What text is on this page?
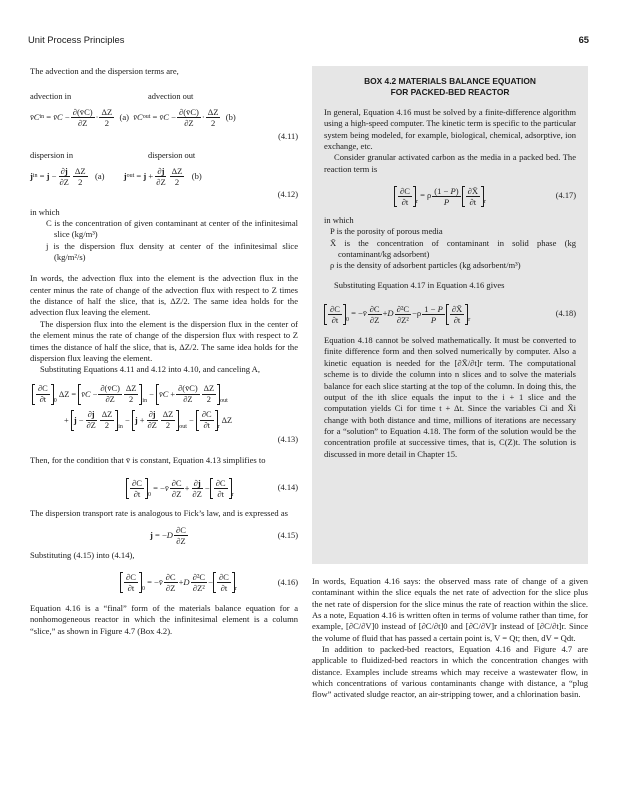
Unit Process Principles	65

The advection and the dispersion terms are,

advection in	advection out
v̄C in = v̄C − ∂(v̄C)
∂Z
· ΔZ
2
(a) v̄C out = v̄C − ∂(v̄C)
∂Z
· ΔZ
2
(b)
(4.11)
dispersion in	dispersion out
j in = j − ∂j
∂Z
ΔZ
2
(a) j out = j + ∂j
∂Z
ΔZ
2
(b)
(4.12)

in which

C is the concentration of given contaminant at center of the infinitesimal slice (kg/m³)

j is the dispersion flux density at center of the infinitesimal slice (kg/m²/s)

In words, the advection flux into the element is the advection flux in the center minus the rate of change of the advection flux with respect to Z times the distance of half the slice, that is, ΔZ/2. The same idea holds for the advection flux leaving the element.

The dispersion flux into the element is the dispersion flux in the center of the element minus the rate of change of the dispersion flux with respect to Z times the distance of half the slice, that is, ΔZ/2. The same idea holds for the dispersion flux leaving the element.

Substituting Equations 4.11 and 4.12 into 4.10, and canceling A,

∂C
∂t	$_0$
ΔZ = v̄C −
∂(v̄C)
∂Z
ΔZ
2	$_{in}$
− v̄C +
∂(v̄C)
∂Z
ΔZ
2	$_{out}$
+ j −
∂j
∂Z
ΔZ
2	$_{in}$
− j +
∂j
∂Z
ΔZ
2	$_{out}$
−
∂C
∂t	$_r$
ΔZ
(4.13)

Then, for the condition that v̄ is constant, Equation 4.13 simplifies to

∂C
∂t	$_0$
= − v̄ ∂C
∂Z
+ ∂j
∂Z
− ∂C
∂t	$_r$
(4.14)

The dispersion transport rate is analogous to Fick’s law, and is expressed as

j = − D ∂C
∂Z
(4.15)

Substituting (4.15) into (4.14),

∂C
∂t	$_0$
= − v̄ ∂C
∂Z
+ D ∂²C
∂Z²
− ∂C
∂t	$_r$
(4.16)

Equation 4.16 is a “final” form of the materials balance equation for a nonhomogeneous reactor in which the infinitesimal element is a column “slice,” as shown in Figure 4.7 (Box 4.2).

BOX 4.2 MATERIALS BALANCE EQUATION
FOR PACKED-BED REACTOR

In general, Equation 4.16 must be solved by a finite-difference algorithm using a high-speed computer. The kinetic term is specific to the particular system being modeled, for example, biological, chemical, adsorptive, ion exchange, etc.

Consider granular activated carbon as the media in a packed bed. The reaction term is

∂C
∂t	$_r$
= ρ (1 − P)
P
∂X̄
∂t	$_r$
(4.17)

in which

P is the porosity of porous media

X̄ is the concentration of contaminant in solid phase (kg contaminant/kg adsorbent)

ρ is the density of adsorbent particles (kg adsorbent/m³)

Substituting Equation 4.17 in Equation 4.16 gives

∂C
∂t	$_0$
= − v̄ ∂C
∂Z
+ D ∂²C
∂Z²
−ρ 1 − P
P
∂X̄
∂t	$_r$
(4.18)

Equation 4.18 cannot be solved mathematically. It must be converted to finite difference form and then solved numerically by computer. Also a kinetic equation is needed for the [∂X̄/∂t]r term. The computational scheme is to divide the column into n slices and to solve the materials balance for each slice starting at the top of the column. In doing this, the output of the ith slice equals the input to the i + 1 slice and the computation yields Ci for time t + Δt. Since the variables Ci and X̄i change with both distance and time, millions of iterations are necessary for a “solution” to Equation 4.18. The form of the solution would be the concentration profile at successive times, that is, C(Z)t. The solution is discussed in more detail in Chapter 15.

In words, Equation 4.16 says: the observed mass rate of change of a given contaminant within the slice equals the net rate of advection for the slice plus the net rate of dispersion for the slice minus the rate of reaction within the slice. As a note, Equation 4.16 is written often in terms of volume rather than time, for example, [∂C/∂V]0 instead of [∂C/∂t]0 and [∂C/∂V]r instead of [∂C/∂t]r. Since the volume of fluid that has passed a certain point is, V = Qt; then, dV = Qdt.

In addition to packed-bed reactors, Equation 4.16 and Figure 4.7 are applicable to fluidized-bed reactors in which the concentration changes with distance. Examples include streams which may receive a wastewater flow, in which concentrations of various contaminants change with distance, a “plug flow” activated sludge reactor, an air-stripping tower, and a chlorination basin.
